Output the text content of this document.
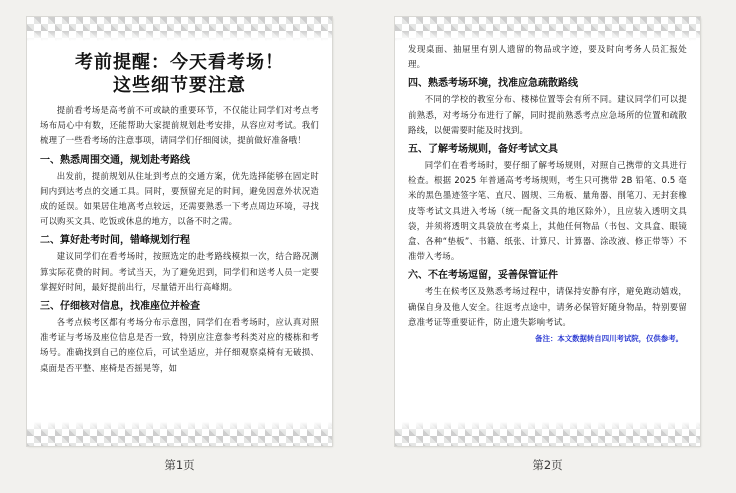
考前提醒：今天看考场！
这些细节要注意

提前看考场是高考前不可或缺的重要环节，不仅能让同学们对考点考场布局心中有数，还能帮助大家提前规划赴考安排，从容应对考试。我们梳理了一些看考场的注意事项，请同学们仔细阅读，提前做好准备哦！

一、熟悉周围交通，规划赴考路线

出发前，提前规划从住址到考点的交通方案，优先选择能够在固定时间内到达考点的交通工具。同时，要预留充足的时间，避免因意外状况造成的延误。如果居住地离考点较远，还需要熟悉一下考点周边环境，寻找可以购买文具、吃饭或休息的地方，以备不时之需。

二、算好赴考时间，错峰规划行程

建议同学们在看考场时，按照选定的赴考路线模拟一次，结合路况测算实际花费的时间。考试当天，为了避免迟到，同学们和送考人员一定要掌握好时间，最好提前出行，尽量错开出行高峰期。

三、仔细核对信息，找准座位并检查

各考点候考区都有考场分布示意图，同学们在看考场时，应认真对照准考证与考场及座位信息是否一致，特别应注意参考科类对应的楼栋和考场号。准确找到自己的座位后，可试坐适应，并仔细观察桌椅有无破损、桌面是否平整、座椅是否摇晃等，如

第1页

发现桌面、抽屉里有别人遗留的物品或字迹，要及时向考务人员汇报处理。

四、熟悉考场环境，找准应急疏散路线

不同的学校的教室分布、楼梯位置等会有所不同。建议同学们可以提前熟悉，对考场分布进行了解，同时提前熟悉考点应急场所的位置和疏散路线，以便需要时能及时找到。

五、了解考场规则，备好考试文具

同学们在看考场时，要仔细了解考场规则，对照自己携带的文具进行检查。根据 2025 年普通高考考场规则，考生只可携带 2B 铅笔、0.5 毫米的黑色墨迹签字笔、直尺、圆规、三角板、量角器、削笔刀、无封套橡皮等考试文具进入考场（统一配备文具的地区除外），且应装入透明文具袋，并须将透明文具袋放在考桌上，其他任何物品（书包、文具盒、眼镜盒、各种“垫板”、书籍、纸张、计算尺、计算器、涂改液、修正带等）不准带入考场。

六、不在考场逗留，妥善保管证件

考生在候考区及熟悉考场过程中，请保持安静有序，避免跑动嬉戏，确保自身及他人安全。往返考点途中，请务必保管好随身物品，特别要留意准考证等重要证件，防止遗失影响考试。

备注：本文数据转自四川考试院，仅供参考。
第2页
